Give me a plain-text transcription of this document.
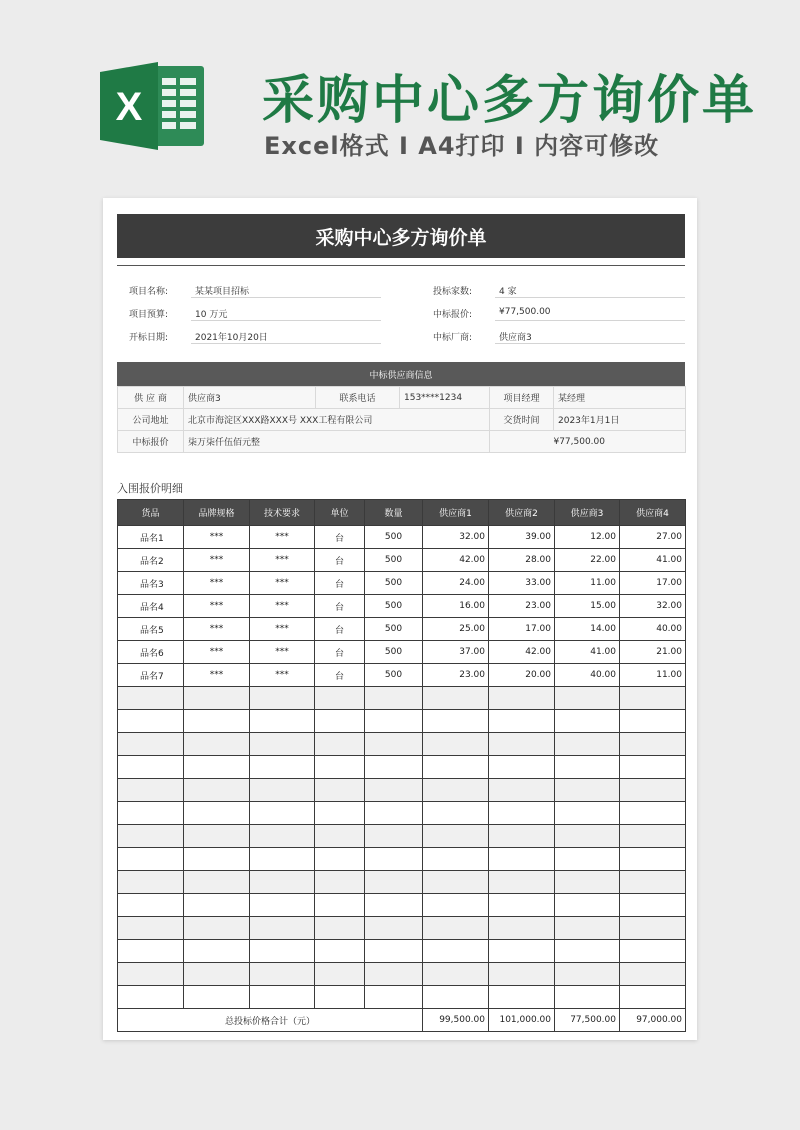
X 采购中心多方询价单
Excel格式 I A4打印 I 内容可修改
采购中心多方询价单
项目名称:	某某项目招标	投标家数:	4 家
项目预算:	10 万元	中标报价:	¥77,500.00
开标日期:	2021年10月20日	中标厂商:	供应商3
中标供应商信息
供 应 商	供应商3	联系电话	153****1234	项目经理	某经理
公司地址	北京市海淀区XXX路XXX号 XXX工程有限公司			交货时间	2023年1月1日
中标报价	柒万柒仟伍佰元整			¥77,500.00	
入围报价明细
货品	品牌规格	技术要求	单位	数量	供应商1	供应商2	供应商3	供应商4
品名1	***	***	台	500	32.00	39.00	12.00	27.00
品名2	***	***	台	500	42.00	28.00	22.00	41.00
品名3	***	***	台	500	24.00	33.00	11.00	17.00
品名4	***	***	台	500	16.00	23.00	15.00	32.00
品名5	***	***	台	500	25.00	17.00	14.00	40.00
品名6	***	***	台	500	37.00	42.00	41.00	21.00
品名7	***	***	台	500	23.00	20.00	40.00	11.00

总投标价格合计（元）					99,500.00	101,000.00	77,500.00	97,000.00
